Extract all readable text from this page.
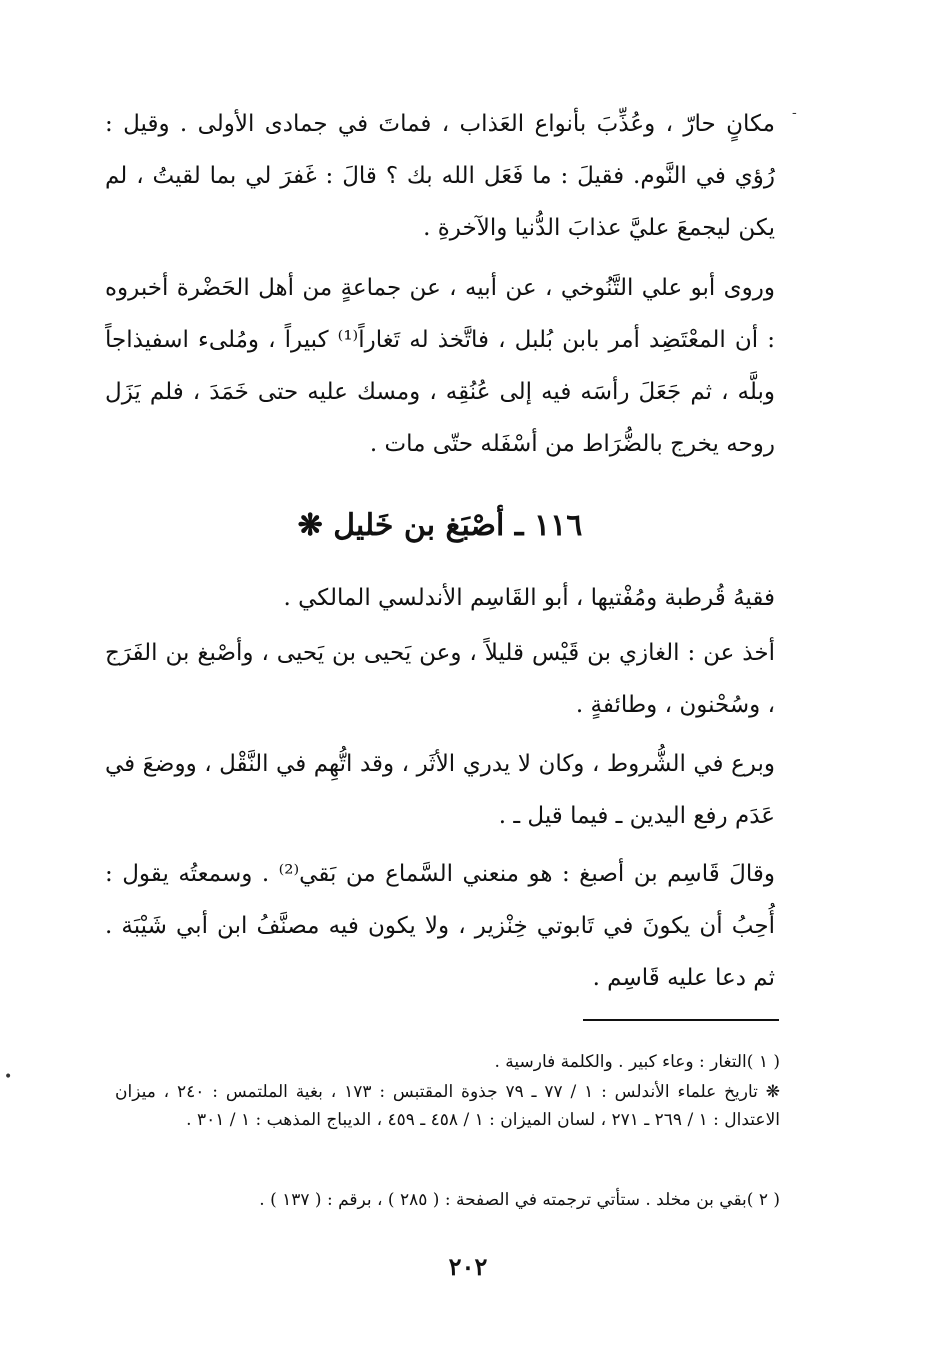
-
•

مكانٍ حارّ ، وعُذِّبَ بأنواع العَذاب ، فماتَ في جمادى الأولى . وقيل : رُؤي في النَّوم. فقيلَ : ما فَعَل الله بك ؟ قالَ : غَفرَ لي بما لقيتُ ، لم يكن ليجمعَ عليَّ عذابَ الدُّنيا والآخرةِ .

وروى أبو علي التَّنُوخي ، عن أبيه ، عن جماعةٍ من أهل الحَضْرة أخبروه : أن المعْتَضِد أمر بابن بُلبل ، فاتَّخذ له تَغاراً⁽¹⁾ كبيراً ، ومُلىء اسفيذاجاً وبلَّه ، ثم جَعَلَ رأسَه فيه إلى عُنُقِه ، ومسك عليه حتى خَمَدَ ، فلم يَزَل روحه يخرج بالضُّرَاط من أسْفَله حتّى مات .

١١٦ ـ أصْبَغ بن خَليل ❋

فقيهُ قُرطبة ومُفْتيها ، أبو القَاسِم الأندلسي المالكي .

أخذ عن : الغازي بن قَيْس قليلاً ، وعن يَحيى بن يَحيى ، وأصْبغ بن الفَرَج ، وسُحْنون ، وطائفةٍ .

وبرع في الشُّروط ، وكان لا يدري الأثَر ، وقد اتُّهِم في النَّقْل ، ووضعَ في عَدَم رفع اليدين ـ فيما قيل ـ .

وقالَ قَاسِم بن أصبغ : هو منعني السَّماع من بَقي⁽²⁾ . وسمعتُه يقول : أُحِبُ أن يكونَ في تَابوتي خِنْزير ، ولا يكون فيه مصنَّفُ ابن أبي شَيْبَة . ثم دعا عليه قَاسِم .

( ١ )التغار : وعاء كبير . والكلمة فارسية .

❋ تاريخ علماء الأندلس : ١ / ٧٧ ـ ٧٩ جذوة المقتبس : ١٧٣ ، بغية الملتمس : ٢٤٠ ، ميزان الاعتدال : ١ / ٢٦٩ ـ ٢٧١ ، لسان الميزان : ١ / ٤٥٨ ـ ٤٥٩ ، الديباج المذهب : ١ / ٣٠١ .

( ٢ )بقي بن مخلد . ستأتي ترجمته في الصفحة : ( ٢٨٥ ) ، برقم : ( ١٣٧ ) .

٢٠٢
